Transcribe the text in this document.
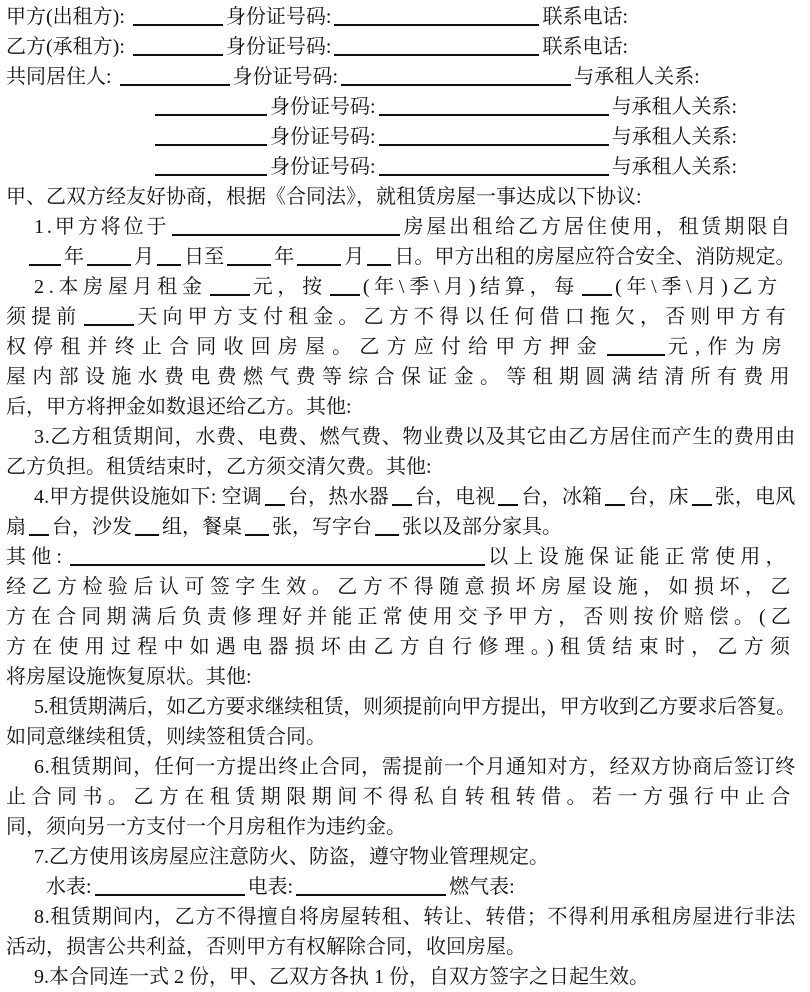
甲方(出租方):	身份证号码:	联系电话:
乙方(承租方):	身份证号码:	联系电话:
共同居住人:	身份证号码:	与承租人关系:
身份证号码:	与承租人关系:
身份证号码:	与承租人关系:
身份证号码:	与承租人关系:
甲、乙双方经友好协商，根据《合同法》，就租赁房屋一事达成以下协议:
1.甲方将位于	房屋出租给乙方居住使用，租赁期限自
年	月 日至	年	月 日。甲方出租的房屋应符合安全、消防规定。
2.本房屋月租金 元，按 (年\季\月)结算，每 (年\季\月)乙方
须提前	天向甲方支付租金。乙方不得以任何借口拖欠，否则甲方有
权停租并终止合同收回房屋。乙方应付给甲方押金	元,作为房
屋内部设施水费电费燃气费等综合保证金。等租期圆满结清所有费用
后，甲方将押金如数退还给乙方。其他:
3.乙方租赁期间，水费、电费、燃气费、物业费以及其它由乙方居住而产生的费用由
乙方负担。租赁结束时，乙方须交清欠费。其他:
4.甲方提供设施如下: 空调 台，热水器 台，电视 台，冰箱 台，床 张，电风
扇 台，沙发 组，餐桌 张，写字台 张以及部分家具。
其他:	以上设施保证能正常使用，
经乙方检验后认可签字生效。乙方不得随意损坏房屋设施，如损坏，乙
方在合同期满后负责修理好并能正常使用交予甲方，否则按价赔偿。(乙
方在使用过程中如遇电器损坏由乙方自行修理。)租赁结束时，乙方须
将房屋设施恢复原状。其他:
5.租赁期满后，如乙方要求继续租赁，则须提前向甲方提出，甲方收到乙方要求后答复。
如同意继续租赁，则续签租赁合同。
6.租赁期间，任何一方提出终止合同，需提前一个月通知对方，经双方协商后签订终
止合同书。乙方在租赁期限期间不得私自转租转借。若一方强行中止合
同，须向另一方支付一个月房租作为违约金。
7.乙方使用该房屋应注意防火、防盗，遵守物业管理规定。
水表:	电表:	燃气表:
8.租赁期间内，乙方不得擅自将房屋转租、转让、转借；不得利用承租房屋进行非法
活动，损害公共利益，否则甲方有权解除合同，收回房屋。
9.本合同连一式 2 份，甲、乙双方各执 1 份，自双方签字之日起生效。
